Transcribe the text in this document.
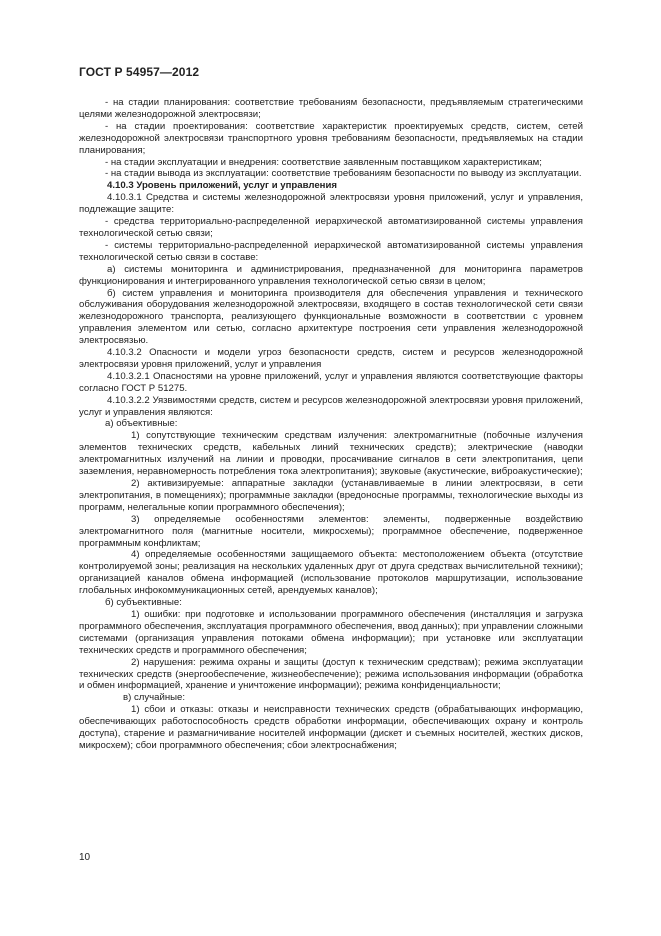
ГОСТ Р 54957—2012

- на стадии планирования: соответствие требованиям безопасности, предъявляемым стратегическими целями железнодорожной электросвязи;

- на стадии проектирования: соответствие характеристик проектируемых средств, систем, сетей железнодорожной электросвязи транспортного уровня требованиям безопасности, предъявляемых на стадии планирования;

- на стадии эксплуатации и внедрения: соответствие заявленным поставщиком характеристикам;

- на стадии вывода из эксплуатации: соответствие требованиям безопасности по выводу из эксплуатации.

4.10.3 Уровень приложений, услуг и управления

4.10.3.1 Средства и системы железнодорожной электросвязи уровня приложений, услуг и управления, подлежащие защите:

- средства территориально-распределенной иерархической автоматизированной системы управления технологической сетью связи;

- системы территориально-распределенной иерархической автоматизированной системы управления технологической сетью связи в составе:

а) системы мониторинга и администрирования, предназначенной для мониторинга параметров функционирования и интегрированного управления технологической сетью связи в целом;

б) систем управления и мониторинга производителя для обеспечения управления и технического обслуживания оборудования железнодорожной электросвязи, входящего в состав технологической сети связи железнодорожного транспорта, реализующего функциональные возможности в соответствии с уровнем управления элементом или сетью, согласно архитектуре построения сети управления железнодорожной электросвязью.

4.10.3.2 Опасности и модели угроз безопасности средств, систем и ресурсов железнодорожной электросвязи уровня приложений, услуг и управления

4.10.3.2.1 Опасностями на уровне приложений, услуг и управления являются соответствующие факторы согласно ГОСТ Р 51275.

4.10.3.2.2 Уязвимостями средств, систем и ресурсов железнодорожной электросвязи уровня приложений, услуг и управления являются:

а) объективные:

1) сопутствующие техническим средствам излучения: электромагнитные (побочные излучения элементов технических средств, кабельных линий технических средств); электрические (наводки электромагнитных излучений на линии и проводки, просачивание сигналов в сети электропитания, цепи заземления, неравномерность потребления тока электропитания); звуковые (акустические, виброакустические);

2) активизируемые: аппаратные закладки (устанавливаемые в линии электросвязи, в сети электропитания, в помещениях); программные закладки (вредоносные программы, технологические выходы из программ, нелегальные копии программного обеспечения);

3) определяемые особенностями элементов: элементы, подверженные воздействию электромагнитного поля (магнитные носители, микросхемы); программное обеспечение, подверженное программным конфликтам;

4) определяемые особенностями защищаемого объекта: местоположением объекта (отсутствие контролируемой зоны; реализация на нескольких удаленных друг от друга средствах вычислительной техники); организацией каналов обмена информацией (использование протоколов маршрутизации, использование глобальных инфокоммуникационных сетей, арендуемых каналов);

б) субъективные:

1) ошибки: при подготовке и использовании программного обеспечения (инсталляция и загрузка программного обеспечения, эксплуатация программного обеспечения, ввод данных); при управлении сложными системами (организация управления потоками обмена информации); при установке или эксплуатации технических средств и программного обеспечения;

2) нарушения: режима охраны и защиты (доступ к техническим средствам); режима эксплуатации технических средств (энергообеспечение, жизнеобеспечение); режима использования информации (обработка и обмен информацией, хранение и уничтожение информации); режима конфиденциальности;

в) случайные:

1) сбои и отказы: отказы и неисправности технических средств (обрабатывающих информацию, обеспечивающих работоспособность средств обработки информации, обеспечивающих охрану и контроль доступа), старение и размагничивание носителей информации (дискет и съемных носителей, жестких дисков, микросхем); сбои программного обеспечения; сбои электроснабжения;

10
